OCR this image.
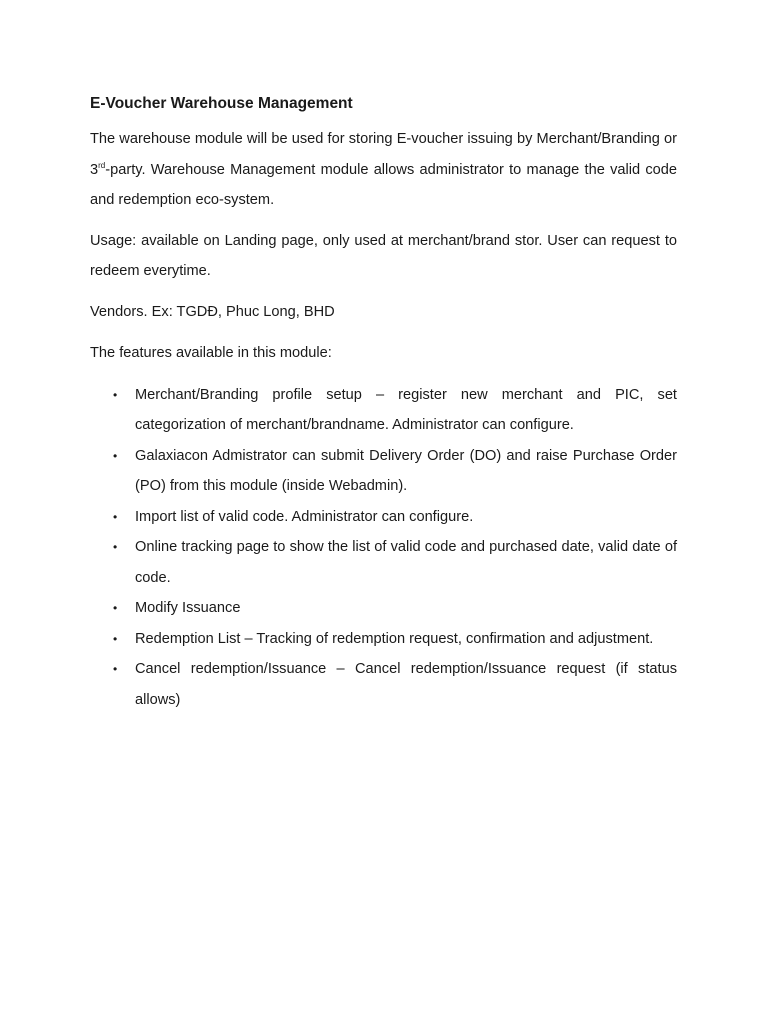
E-Voucher Warehouse Management

The warehouse module will be used for storing E-voucher issuing by Merchant/Branding or 3rd-party. Warehouse Management module allows administrator to manage the valid code and redemption eco-system.

Usage: available on Landing page, only used at merchant/brand stor. User can request to redeem everytime.

Vendors. Ex: TGDĐ, Phuc Long, BHD

The features available in this module:

• Merchant/Branding profile setup – register new merchant and PIC, set categorization of merchant/brandname. Administrator can configure.
• Galaxiacon Admistrator can submit Delivery Order (DO) and raise Purchase Order (PO) from this module (inside Webadmin).
• Import list of valid code. Administrator can configure.
• Online tracking page to show the list of valid code and purchased date, valid date of code.
• Modify Issuance
• Redemption List – Tracking of redemption request, confirmation and adjustment.
• Cancel redemption/Issuance – Cancel redemption/Issuance request (if status allows)
